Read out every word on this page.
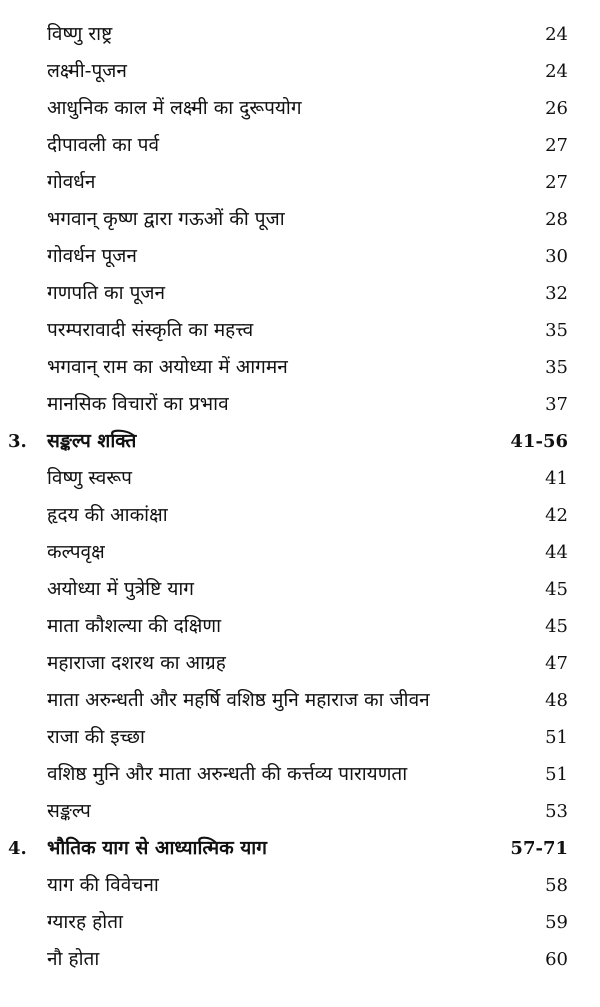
विष्णु राष्ट्र	24
लक्ष्मी-पूजन	24
आधुनिक काल में लक्ष्मी का दुरूपयोग	26
दीपावली का पर्व	27
गोवर्धन	27
भगवान् कृष्ण द्वारा गऊओं की पूजा	28
गोवर्धन पूजन	30
गणपति का पूजन	32
परम्परावादी संस्कृति का महत्त्व	35
भगवान् राम का अयोध्या में आगमन	35
मानसिक विचारों का प्रभाव	37
3. सङ्कल्प शक्ति	41-56
विष्णु स्वरूप	41
हृदय की आकांक्षा	42
कल्पवृक्ष	44
अयोध्या में पुत्रेष्टि याग	45
माता कौशल्या की दक्षिणा	45
महाराजा दशरथ का आग्रह	47
माता अरुन्धती और महर्षि वशिष्ठ मुनि महाराज का जीवन	48
राजा की इच्छा	51
वशिष्ठ मुनि और माता अरुन्धती की कर्त्तव्य पारायणता	51
सङ्कल्प	53
4. भौतिक याग से आध्यात्मिक याग	57-71
याग की विवेचना	58
ग्यारह होता	59
नौ होता	60
